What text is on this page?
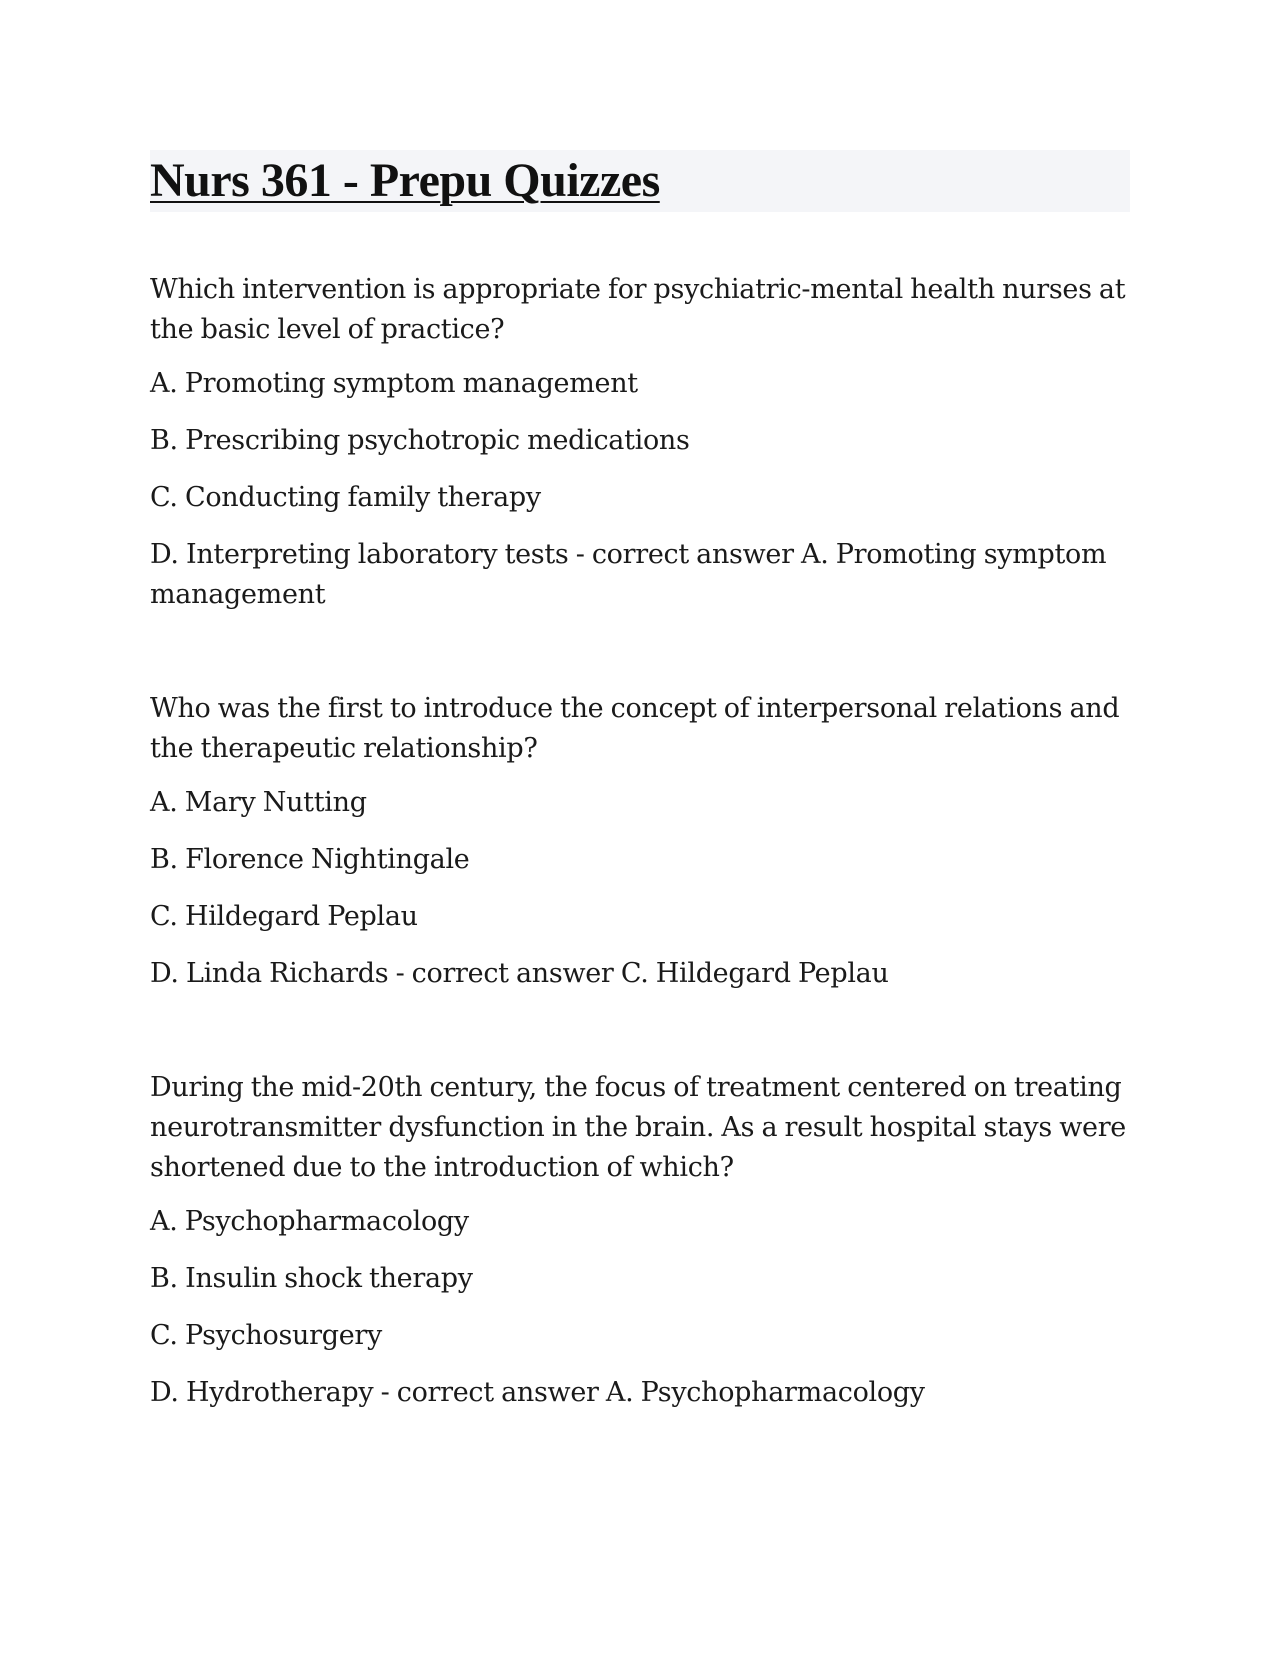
Nurs 361 - Prepu Quizzes

Which intervention is appropriate for psychiatric-mental health nurses at the basic level of practice?

A. Promoting symptom management

B. Prescribing psychotropic medications

C. Conducting family therapy

D. Interpreting laboratory tests - correct answer A. Promoting symptom management

Who was the first to introduce the concept of interpersonal relations and the therapeutic relationship?

A. Mary Nutting

B. Florence Nightingale

C. Hildegard Peplau

D. Linda Richards - correct answer C. Hildegard Peplau

During the mid-20th century, the focus of treatment centered on treating neurotransmitter dysfunction in the brain. As a result hospital stays were shortened due to the introduction of which?

A. Psychopharmacology

B. Insulin shock therapy

C. Psychosurgery

D. Hydrotherapy - correct answer A. Psychopharmacology
